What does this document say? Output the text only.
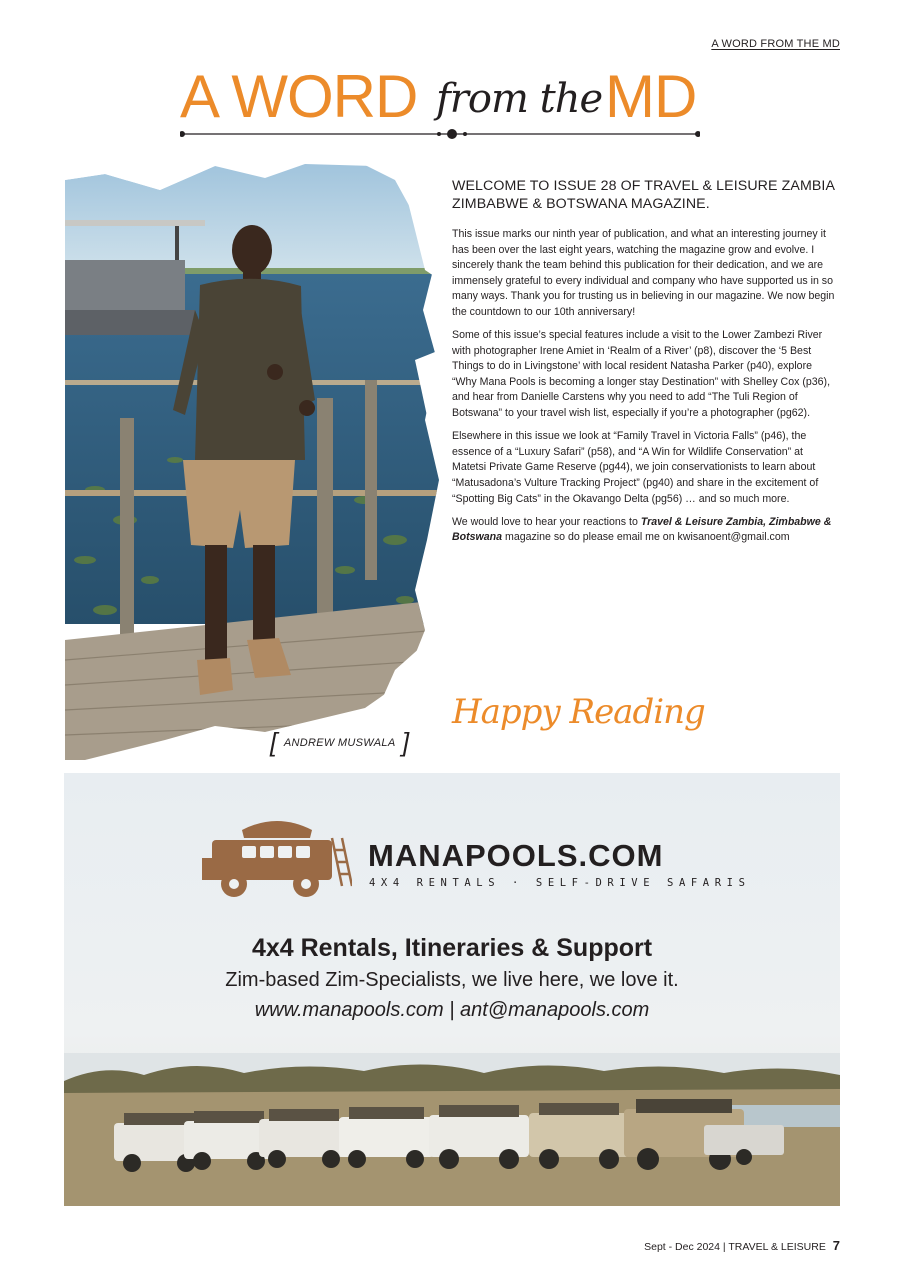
A WORD FROM THE MD
A WORD from the MD
[ ANDREW MUSWALA ]
WELCOME TO ISSUE 28 OF TRAVEL & LEISURE ZAMBIA ZIMBABWE & BOTSWANA MAGAZINE.

This issue marks our ninth year of publication, and what an interesting journey it has been over the last eight years, watching the magazine grow and evolve. I sincerely thank the team behind this publication for their dedication, and we are immensely grateful to every individual and company who have supported us in so many ways. Thank you for trusting us in believing in our magazine. We now begin the countdown to our 10th anniversary!

Some of this issue’s special features include a visit to the Lower Zambezi River with photographer Irene Amiet in ‘Realm of a River’ (p8), discover the ‘5 Best Things to do in Livingstone’ with local resident Natasha Parker (p40), explore “Why Mana Pools is becoming a longer stay Destination” with Shelley Cox (p36), and hear from Danielle Carstens why you need to add “The Tuli Region of Botswana” to your travel wish list, especially if you’re a photographer (pg62).

Elsewhere in this issue we look at “Family Travel in Victoria Falls” (p46), the essence of a “Luxury Safari” (p58), and “A Win for Wildlife Conservation” at Matetsi Private Game Reserve (pg44), we join conservationists to learn about “Matusadona’s Vulture Tracking Project” (pg40) and share in the excitement of “Spotting Big Cats” in the Okavango Delta (pg56) … and so much more.

We would love to hear your reactions to Travel & Leisure Zambia, Zimbabwe & Botswana magazine so do please email me on kwisanoent@gmail.com

Happy Reading
MANAPOOLS.COM
4X4 RENTALS · SELF-DRIVE SAFARIS
4x4 Rentals, Itineraries & Support
Zim-based Zim-Specialists, we live here, we love it.
www.manapools.com | ant@manapools.com
Sept - Dec 2024 | TRAVEL & LEISURE 7
